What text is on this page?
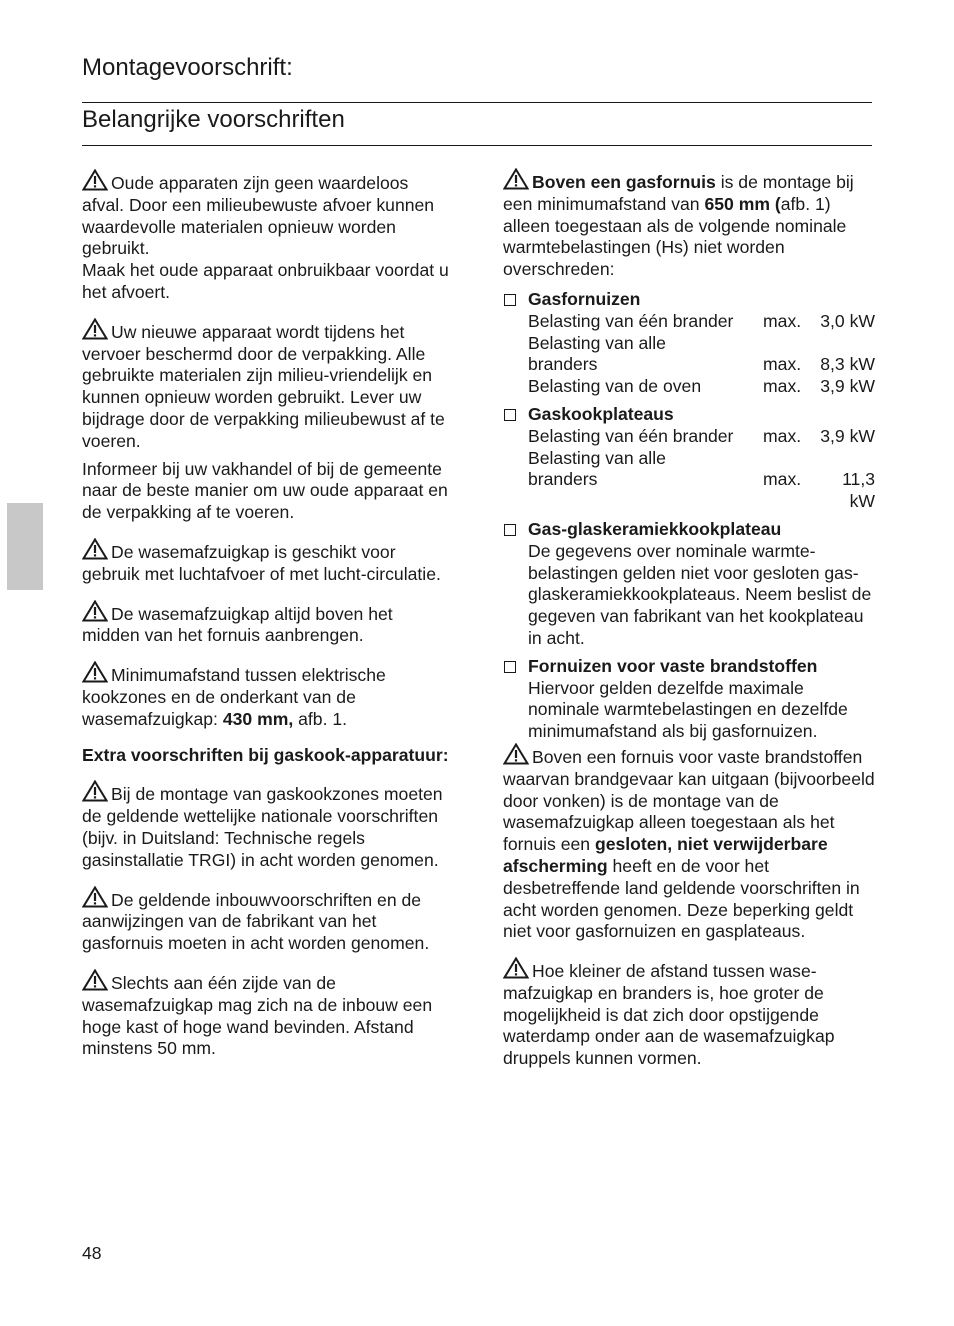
Montagevoorschrift:
Belangrijke voorschriften

Oude apparaten zijn geen waardeloos afval. Door een milieubewuste afvoer kunnen waardevolle materialen opnieuw worden gebruikt.
Maak het oude apparaat onbruikbaar voordat u het afvoert.

Uw nieuwe apparaat wordt tijdens het vervoer beschermd door de verpakking. Alle gebruikte materialen zijn milieu-vriendelijk en kunnen opnieuw worden gebruikt. Lever uw bijdrage door de verpakking milieubewust af te voeren.

Informeer bij uw vakhandel of bij de gemeente naar de beste manier om uw oude apparaat en de verpakking af te voeren.

De wasemafzuigkap is geschikt voor gebruik met luchtafvoer of met lucht-circulatie.

De wasemafzuigkap altijd boven het midden van het fornuis aanbrengen.

Minimumafstand tussen elektrische kookzones en de onderkant van de wasemafzuigkap: 430 mm, afb. 1.

Extra voorschriften bij gaskook-apparatuur:

Bij de montage van gaskookzones moeten de geldende wettelijke nationale voorschriften (bijv. in Duitsland: Technische regels gasinstallatie TRGI) in acht worden genomen.

De geldende inbouwvoorschriften en de aanwijzingen van de fabrikant van het gasfornuis moeten in acht worden genomen.

Slechts aan één zijde van de wasemafzuigkap mag zich na de inbouw een hoge kast of hoge wand bevinden. Afstand minstens 50 mm.

Boven een gasfornuis is de montage bij een minimumafstand van 650 mm (afb. 1) alleen toegestaan als de volgende nominale warmtebelastingen (Hs) niet worden overschreden:

Gasfornuizen
Belasting van één brander	max.	3,0 kW
Belasting van alle
branders	max.	8,3 kW
Belasting van de oven	max.	3,9 kW
Gaskookplateaus
Belasting van één brander	max.	3,9 kW
Belasting van alle
branders	max.	11,3 kW
Gas-glaskeramiekkookplateau
De gegevens over nominale warmte-belastingen gelden niet voor gesloten gas-glaskeramiekkookplateaus. Neem beslist de gegeven van fabrikant van het kookplateau in acht.
Fornuizen voor vaste brandstoffen
Hiervoor gelden dezelfde maximale nominale warmtebelastingen en dezelfde minimumafstand als bij gasfornuizen.

Boven een fornuis voor vaste brandstoffen waarvan brandgevaar kan uitgaan (bijvoorbeeld door vonken) is de montage van de wasemafzuigkap alleen toegestaan als het fornuis een gesloten, niet verwijderbare afscherming heeft en de voor het desbetreffende land geldende voorschriften in acht worden genomen. Deze beperking geldt niet voor gasfornuizen en gasplateaus.

Hoe kleiner de afstand tussen wase-mafzuigkap en branders is, hoe groter de mogelijkheid is dat zich door opstijgende waterdamp onder aan de wasemafzuigkap druppels kunnen vormen.

48
